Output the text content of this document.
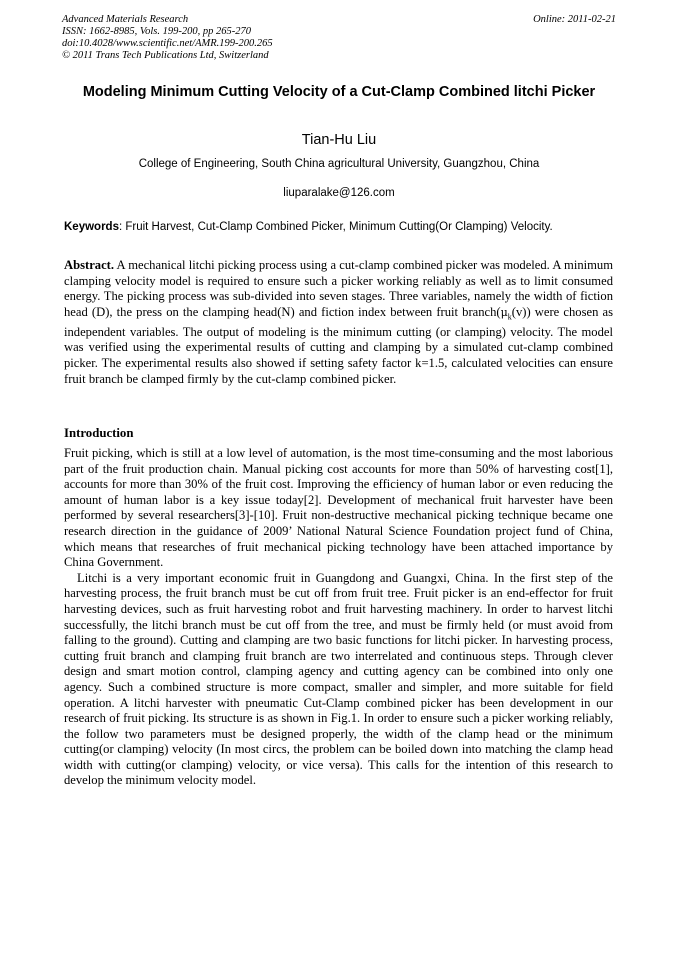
Advanced Materials Research
ISSN: 1662-8985, Vols. 199-200, pp 265-270
doi:10.4028/www.scientific.net/AMR.199-200.265
© 2011 Trans Tech Publications Ltd, Switzerland
Online: 2011-02-21
Modeling Minimum Cutting Velocity of a Cut-Clamp Combined litchi Picker
Tian-Hu Liu
College of Engineering, South China agricultural University, Guangzhou, China
liuparalake@126.com
Keywords: Fruit Harvest, Cut-Clamp Combined Picker, Minimum Cutting(Or Clamping) Velocity.
Abstract. A mechanical litchi picking process using a cut-clamp combined picker was modeled. A minimum clamping velocity model is required to ensure such a picker working reliably as well as to limit consumed energy. The picking process was sub-divided into seven stages. Three variables, namely the width of fiction head (D), the press on the clamping head(N) and fiction index between fruit $branch(\mu_k(v))$ were chosen as independent variables. The output of modeling is the minimum cutting (or clamping) velocity. The model was verified using the experimental results of cutting and clamping by a simulated cut-clamp combined picker. The experimental results also showed if setting safety factor k=1.5, calculated velocities can ensure fruit branch be clamped firmly by the cut-clamp combined picker.
Introduction

Fruit picking, which is still at a low level of automation, is the most time-consuming and the most laborious part of the fruit production chain. Manual picking cost accounts for more than 50% of harvesting cost[1], accounts for more than 30% of the fruit cost. Improving the efficiency of human labor or even reducing the amount of human labor is a key issue today[2]. Development of mechanical fruit harvester have been performed by several researchers[3]-[10]. Fruit non-destructive mechanical picking technique became one research direction in the guidance of 2009’ National Natural Science Foundation project fund of China, which means that researches of fruit mechanical picking technology have been attached importance by China Government.

Litchi is a very important economic fruit in Guangdong and Guangxi, China. In the first step of the harvesting process, the fruit branch must be cut off from fruit tree. Fruit picker is an end-effector for fruit harvesting devices, such as fruit harvesting robot and fruit harvesting machinery. In order to harvest litchi successfully, the litchi branch must be cut off from the tree, and must be firmly held (or must avoid from falling to the ground). Cutting and clamping are two basic functions for litchi picker. In harvesting process, cutting fruit branch and clamping fruit branch are two interrelated and continuous steps. Through clever design and smart motion control, clamping agency and cutting agency can be combined into only one agency. Such a combined structure is more compact, smaller and simpler, and more suitable for field operation. A litchi harvester with pneumatic Cut-Clamp combined picker has been development in our research of fruit picking. Its structure is as shown in Fig.1. In order to ensure such a picker working reliably, the follow two parameters must be designed properly, the width of the clamp head or the minimum cutting(or clamping) velocity (In most circs, the problem can be boiled down into matching the clamp head width with cutting(or clamping) velocity, or vice versa). This calls for the intention of this research to develop the minimum velocity model.
